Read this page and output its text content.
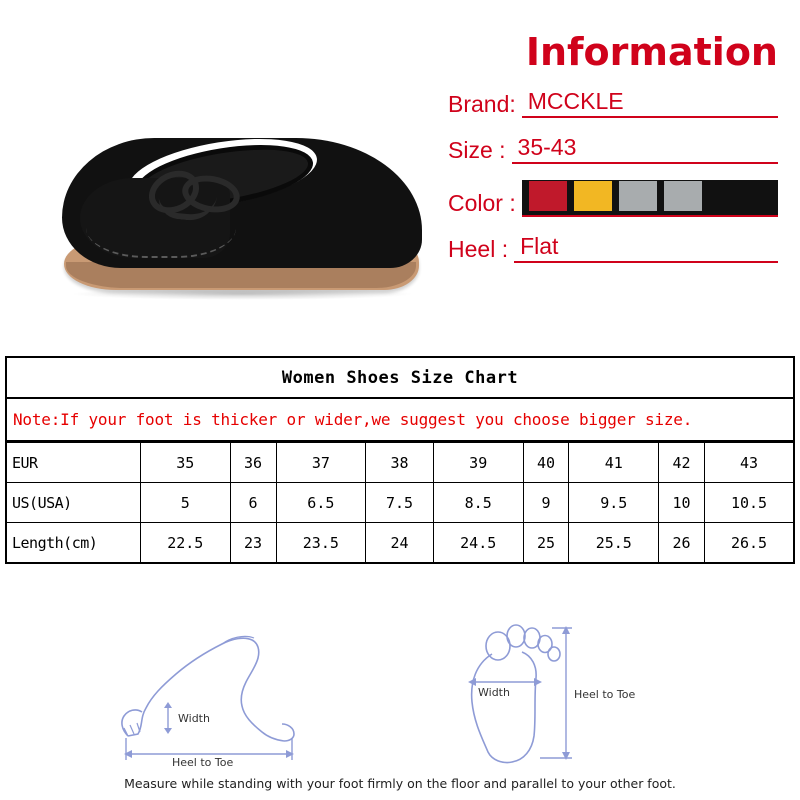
Information
Brand: MCCKLE
Size : 35-43
Color :
Heel : Flat
Women Shoes Size Chart
Note:If your foot is thicker or wider,we suggest you choose bigger size.
EUR	35	36	37	38	39	40	41	42	43
US(USA)	5	6	6.5	7.5	8.5	9	9.5	10	10.5
Length(cm)	22.5	23	23.5	24	24.5	25	25.5	26	26.5
Width
Heel to Toe
Width	Heel to Toe
Measure while standing with your foot firmly on the floor and parallel to your other foot.
